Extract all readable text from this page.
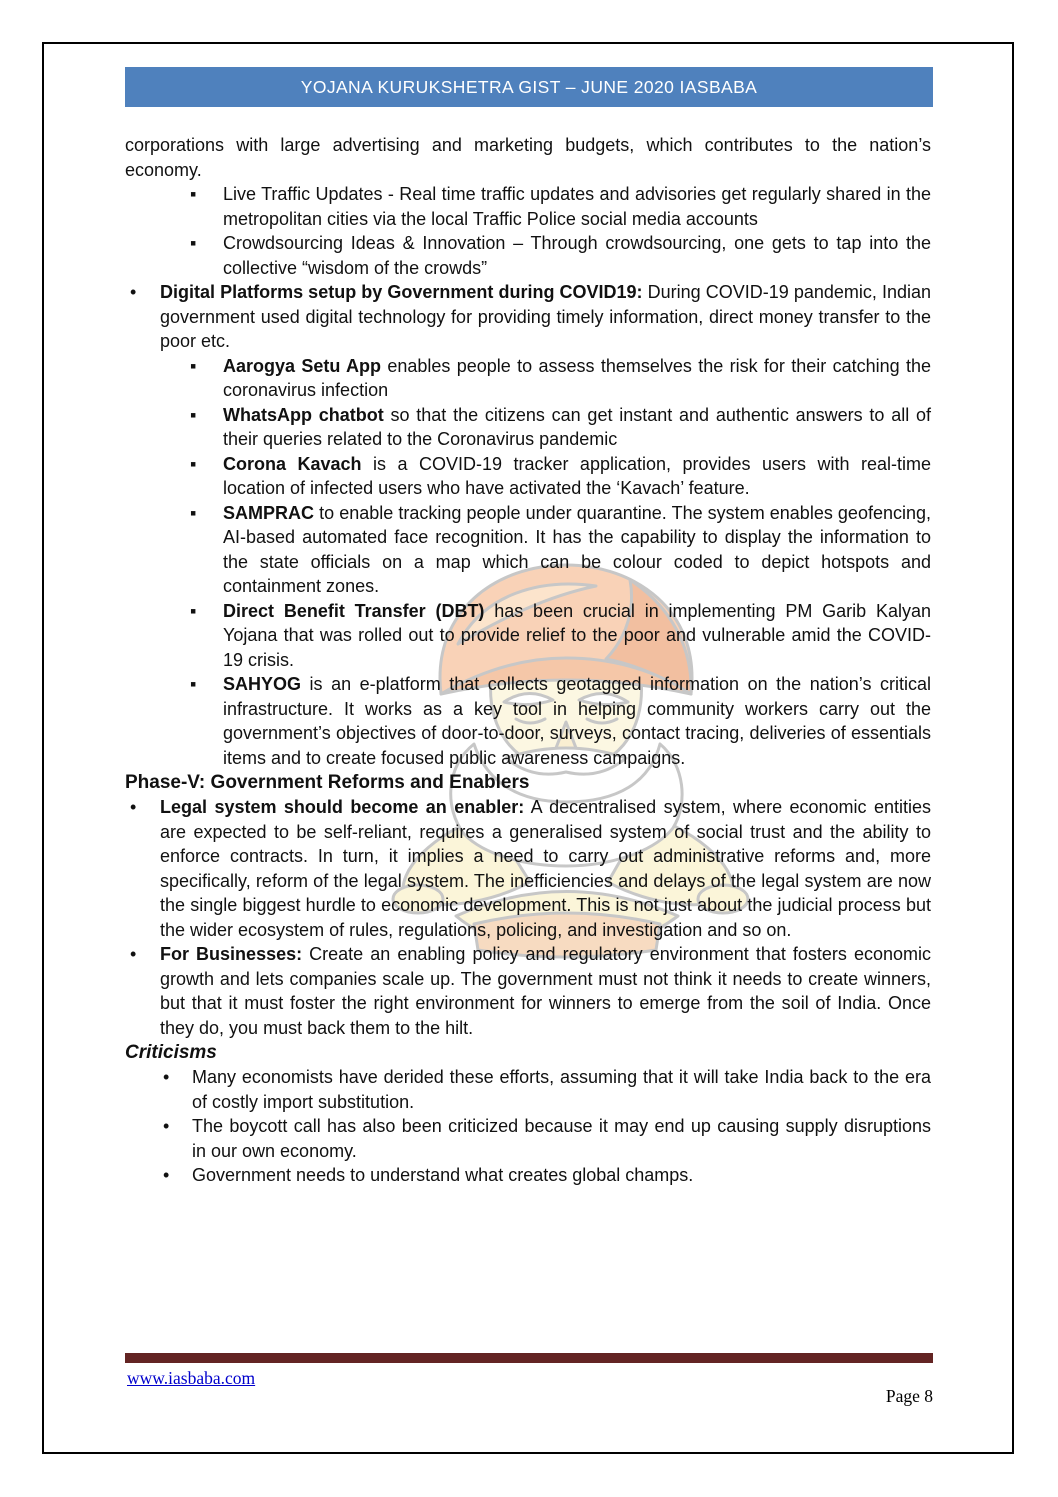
YOJANA KURUKSHETRA GIST – JUNE 2020 IASBABA

corporations with large advertising and marketing budgets, which contributes to the nation’s economy.

▪ Live Traffic Updates - Real time traffic updates and advisories get regularly shared in the metropolitan cities via the local Traffic Police social media accounts
▪ Crowdsourcing Ideas & Innovation – Through crowdsourcing, one gets to tap into the collective “wisdom of the crowds”
• Digital Platforms setup by Government during COVID19: During COVID-19 pandemic, Indian government used digital technology for providing timely information, direct money transfer to the poor etc.
▪ Aarogya Setu App enables people to assess themselves the risk for their catching the coronavirus infection
▪ WhatsApp chatbot so that the citizens can get instant and authentic answers to all of their queries related to the Coronavirus pandemic
▪ Corona Kavach is a COVID-19 tracker application, provides users with real-time location of infected users who have activated the ‘Kavach’ feature.
▪ SAMPRAC to enable tracking people under quarantine. The system enables geofencing, AI-based automated face recognition. It has the capability to display the information to the state officials on a map which can be colour coded to depict hotspots and containment zones.
▪ Direct Benefit Transfer (DBT) has been crucial in implementing PM Garib Kalyan Yojana that was rolled out to provide relief to the poor and vulnerable amid the COVID-19 crisis.
▪ SAHYOG is an e-platform that collects geotagged information on the nation’s critical infrastructure. It works as a key tool in helping community workers carry out the government’s objectives of door-to-door, surveys, contact tracing, deliveries of essentials items and to create focused public awareness campaigns.
Phase-V: Government Reforms and Enablers
• Legal system should become an enabler: A decentralised system, where economic entities are expected to be self-reliant, requires a generalised system of social trust and the ability to enforce contracts. In turn, it implies a need to carry out administrative reforms and, more specifically, reform of the legal system. The inefficiencies and delays of the legal system are now the single biggest hurdle to economic development. This is not just about the judicial process but the wider ecosystem of rules, regulations, policing, and investigation and so on.
• For Businesses: Create an enabling policy and regulatory environment that fosters economic growth and lets companies scale up. The government must not think it needs to create winners, but that it must foster the right environment for winners to emerge from the soil of India. Once they do, you must back them to the hilt.
Criticisms
• Many economists have derided these efforts, assuming that it will take India back to the era of costly import substitution.
• The boycott call has also been criticized because it may end up causing supply disruptions in our own economy.
• Government needs to understand what creates global champs.
www.iasbaba.com
Page 8
